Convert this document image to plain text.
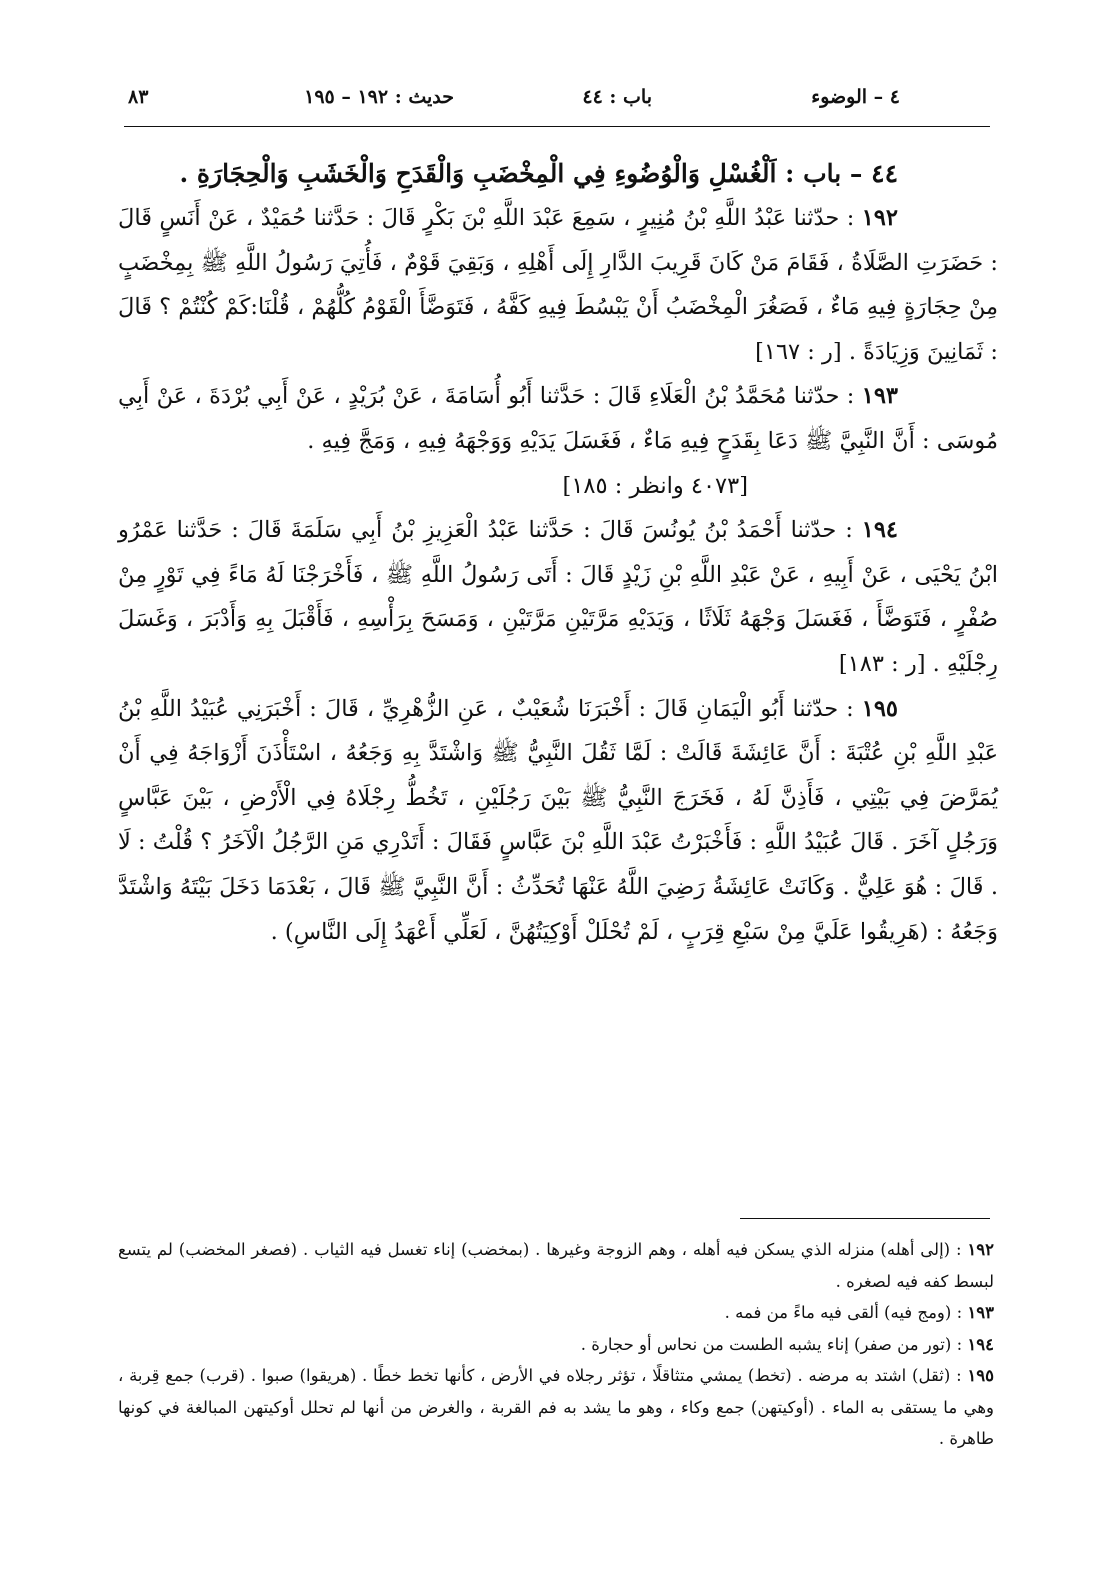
٤ – الوضوء
باب : ٤٤
حديث : ١٩٢ – ١٩٥
٨٣

٤٤ – باب : اَلْغُسْلِ وَالْوُضُوءِ فِي الْمِخْضَبِ وَالْقَدَحِ وَالْخَشَبِ وَالْحِجَارَةِ .

١٩٢ : حدّثنا عَبْدُ اللَّهِ بْنُ مُنِيرٍ ، سَمِعَ عَبْدَ اللَّهِ بْنَ بَكْرٍ قَالَ : حَدَّثنا حُمَيْدٌ ، عَنْ أَنَسٍ قَالَ : حَضَرَتِ الصَّلَاةُ ، فَقَامَ مَنْ كَانَ قَرِيبَ الدَّارِ إِلَى أَهْلِهِ ، وَبَقِيَ قَوْمٌ ، فَأُتِيَ رَسُولُ اللَّهِ ﷺ بِمِخْضَبٍ مِنْ حِجَارَةٍ فِيهِ مَاءٌ ، فَصَغُرَ الْمِخْضَبُ أَنْ يَبْسُطَ فِيهِ كَفَّهُ ، فَتَوَضَّأَ الْقَوْمُ كُلُّهُمْ ، قُلْنَا:كَمْ كُنْتُمْ ؟ قَالَ : ثَمَانِينَ وَزِيَادَةً . [ر : ١٦٧]

١٩٣ : حدّثنا مُحَمَّدُ بْنُ الْعَلَاءِ قَالَ : حَدَّثنا أَبُو أُسَامَةَ ، عَنْ بُرَيْدٍ ، عَنْ أَبِي بُرْدَةَ ، عَنْ أَبِي مُوسَى : أَنَّ النَّبِيَّ ﷺ دَعَا بِقَدَحٍ فِيهِ مَاءٌ ، فَغَسَلَ يَدَيْهِ وَوَجْهَهُ فِيهِ ، وَمَجَّ فِيهِ .

[٤٠٧٣ وانظر : ١٨٥]

١٩٤ : حدّثنا أَحْمَدُ بْنُ يُونُسَ قَالَ : حَدَّثنا عَبْدُ الْعَزِيزِ بْنُ أَبِي سَلَمَةَ قَالَ : حَدَّثنا عَمْرُو ابْنُ يَحْيَى ، عَنْ أَبِيهِ ، عَنْ عَبْدِ اللَّهِ بْنِ زَيْدٍ قَالَ : أَتَى رَسُولُ اللَّهِ ﷺ ، فَأَخْرَجْنَا لَهُ مَاءً فِي تَوْرٍ مِنْ صُفْرٍ ، فَتَوَضَّأَ ، فَغَسَلَ وَجْهَهُ ثَلَاثًا ، وَيَدَيْهِ مَرَّتَيْنِ مَرَّتَيْنِ ، وَمَسَحَ بِرَأْسِهِ ، فَأَقْبَلَ بِهِ وَأَدْبَرَ ، وَغَسَلَ رِجْلَيْهِ . [ر : ١٨٣]

١٩٥ : حدّثنا أَبُو الْيَمَانِ قَالَ : أَخْبَرَنَا شُعَيْبٌ ، عَنِ الزُّهْرِيِّ ، قَالَ : أَخْبَرَنِي عُبَيْدُ اللَّهِ بْنُ عَبْدِ اللَّهِ بْنِ عُتْبَةَ : أَنَّ عَائِشَةَ قَالَتْ : لَمَّا ثَقُلَ النَّبِيُّ ﷺ وَاشْتَدَّ بِهِ وَجَعُهُ ، اسْتَأْذَنَ أَزْوَاجَهُ فِي أَنْ يُمَرَّضَ فِي بَيْتِي ، فَأَذِنَّ لَهُ ، فَخَرَجَ النَّبِيُّ ﷺ بَيْنَ رَجُلَيْنِ ، تَخُطُّ رِجْلَاهُ فِي الْأَرْضِ ، بَيْنَ عَبَّاسٍ وَرَجُلٍ آخَرَ . قَالَ عُبَيْدُ اللَّهِ : فَأَخْبَرْتُ عَبْدَ اللَّهِ بْنَ عَبَّاسٍ فَقَالَ : أَتَدْرِي مَنِ الرَّجُلُ الْآخَرُ ؟ قُلْتُ : لَا . قَالَ : هُوَ عَلِيٌّ . وَكَانَتْ عَائِشَةُ رَضِيَ اللَّهُ عَنْهَا تُحَدِّثُ : أَنَّ النَّبِيَّ ﷺ قَالَ ، بَعْدَمَا دَخَلَ بَيْتَهُ وَاشْتَدَّ وَجَعُهُ : (هَرِيقُوا عَلَيَّ مِنْ سَبْعِ قِرَبٍ ، لَمْ تُحْلَلْ أَوْكِيَتُهُنَّ ، لَعَلِّي أَعْهَدُ إِلَى النَّاسِ) .

١٩٢ : (إلى أهله) منزله الذي يسكن فيه أهله ، وهم الزوجة وغيرها . (بمخضب) إناء تغسل فيه الثياب . (فصغر المخضب) لم يتسع لبسط كفه فيه لصغره .

١٩٣ : (ومج فيه) ألقى فيه ماءً من فمه .

١٩٤ : (تور من صفر) إناء يشبه الطست من نحاس أو حجارة .

١٩٥ : (ثقل) اشتد به مرضه . (تخط) يمشي متثاقلًا ، تؤثر رجلاه في الأرض ، كأنها تخط خطًا . (هريقوا) صبوا . (قرب) جمع قِربة ، وهي ما يستقى به الماء . (أوكيتهن) جمع وكاء ، وهو ما يشد به فم القربة ، والغرض من أنها لم تحلل أوكيتهن المبالغة في كونها طاهرة .
